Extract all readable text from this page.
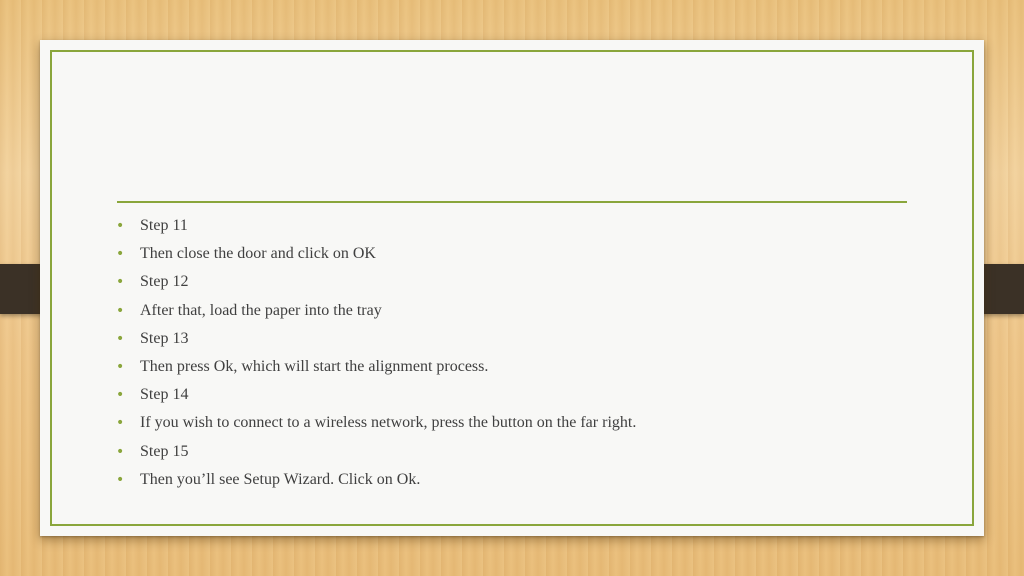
• Step 11
• Then close the door and click on OK
• Step 12
• After that, load the paper into the tray
• Step 13
• Then press Ok, which will start the alignment process.
• Step 14
• If you wish to connect to a wireless network, press the button on the far right.
• Step 15
• Then you’ll see Setup Wizard. Click on Ok.
